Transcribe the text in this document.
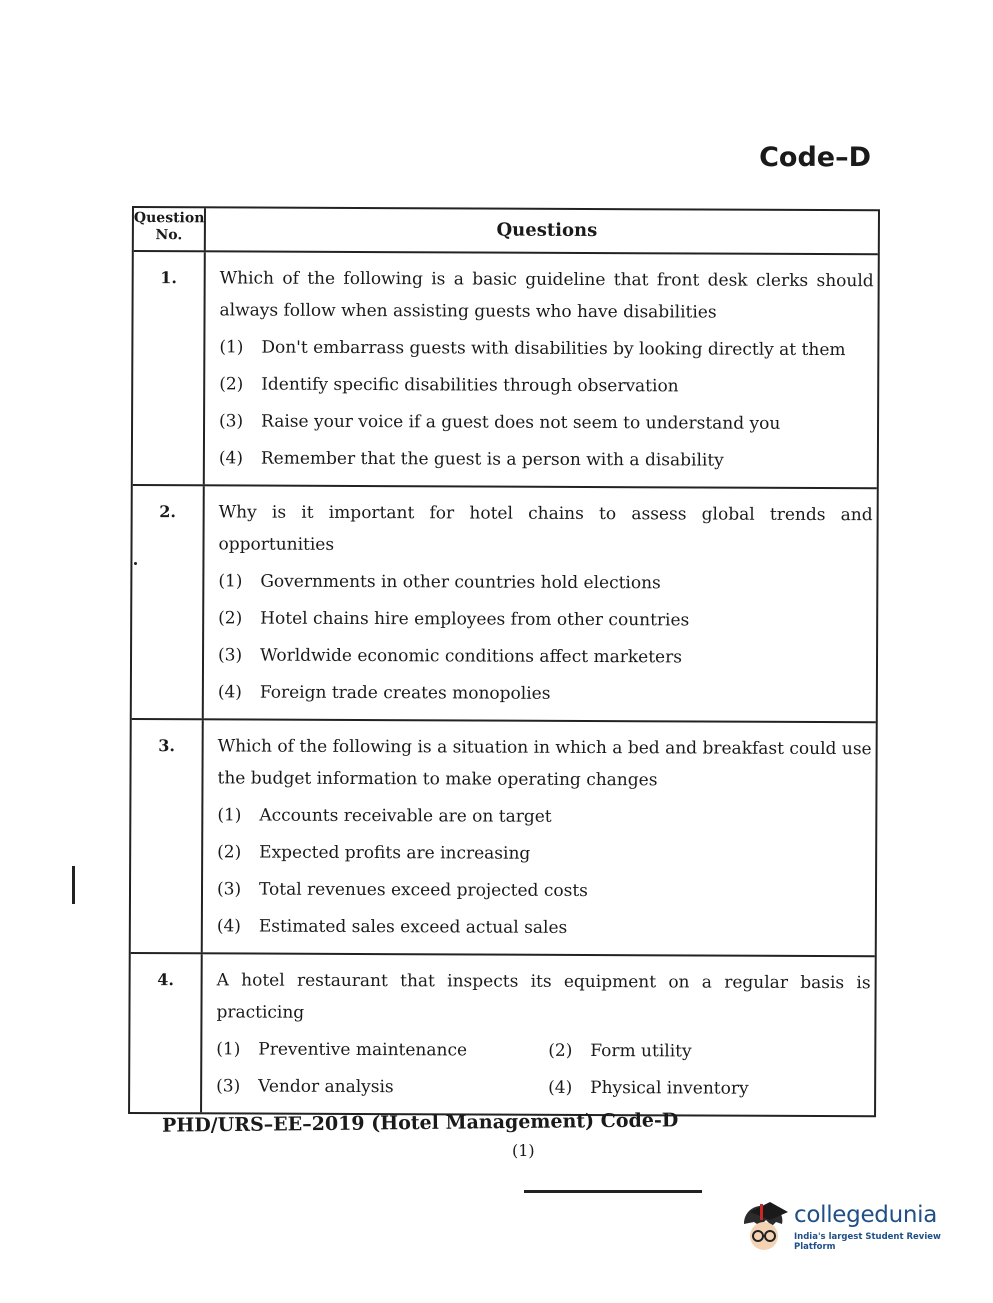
Code–D
Question No.	Questions
1.	Which of the following is a basic guideline that front desk clerks should always follow when assisting guests who have disabilities
(1)	Don't embarrass guests with disabilities by looking directly at them
(2)	Identify specific disabilities through observation
(3)	Raise your voice if a guest does not seem to understand you
(4)	Remember that the guest is a person with a disability
2.	Why is it important for hotel chains to assess global trends and opportunities
(1)	Governments in other countries hold elections
(2)	Hotel chains hire employees from other countries
(3)	Worldwide economic conditions affect marketers
(4)	Foreign trade creates monopolies
3.	Which of the following is a situation in which a bed and breakfast could use the budget information to make operating changes
(1)	Accounts receivable are on target
(2)	Expected profits are increasing
(3)	Total revenues exceed projected costs
(4)	Estimated sales exceed actual sales
4.	A hotel restaurant that inspects its equipment on a regular basis is practicing
(1)	Preventive maintenance	(2)	Form utility
(3)	Vendor analysis	(4)	Physical inventory
PHD/URS–EE–2019 (Hotel Management) Code-D
(1)
collegedunia
India's largest Student Review Platform
